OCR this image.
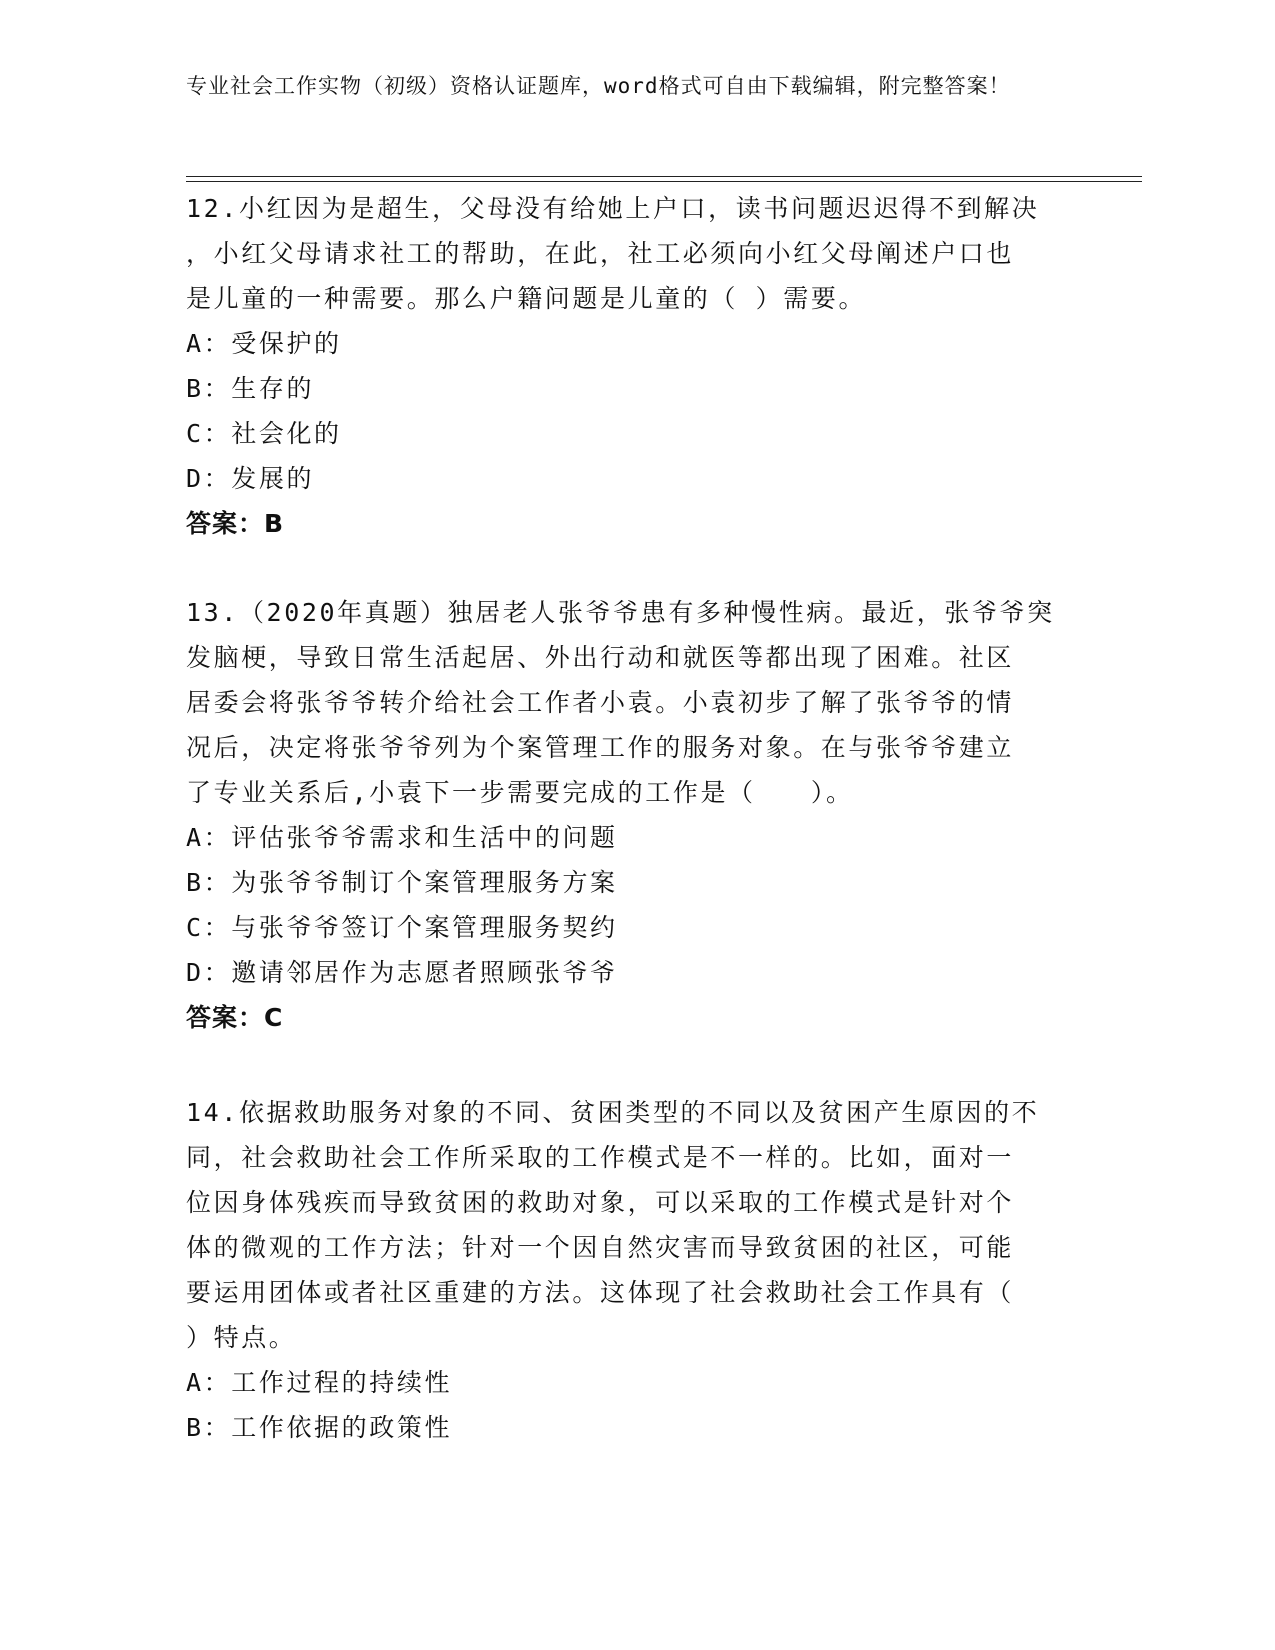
专业社会工作实物（初级）资格认证题库，word格式可自由下载编辑，附完整答案！
12.小红因为是超生，父母没有给她上户口，读书问题迟迟得不到解决
，小红父母请求社工的帮助，在此，社工必须向小红父母阐述户口也
是儿童的一种需要。那么户籍问题是儿童的（ ）需要。
A：受保护的
B：生存的
C：社会化的
D：发展的
答案：B
13.（2020年真题）独居老人张爷爷患有多种慢性病。最近，张爷爷突
发脑梗，导致日常生活起居、外出行动和就医等都出现了困难。社区
居委会将张爷爷转介给社会工作者小袁。小袁初步了解了张爷爷的情
况后，决定将张爷爷列为个案管理工作的服务对象。在与张爷爷建立
了专业关系后,小袁下一步需要完成的工作是（　　）。
A：评估张爷爷需求和生活中的问题
B：为张爷爷制订个案管理服务方案
C：与张爷爷签订个案管理服务契约
D：邀请邻居作为志愿者照顾张爷爷
答案：C
14.依据救助服务对象的不同、贫困类型的不同以及贫困产生原因的不
同，社会救助社会工作所采取的工作模式是不一样的。比如，面对一
位因身体残疾而导致贫困的救助对象，可以采取的工作模式是针对个
体的微观的工作方法；针对一个因自然灾害而导致贫困的社区，可能
要运用团体或者社区重建的方法。这体现了社会救助社会工作具有（
）特点。
A：工作过程的持续性
B：工作依据的政策性
